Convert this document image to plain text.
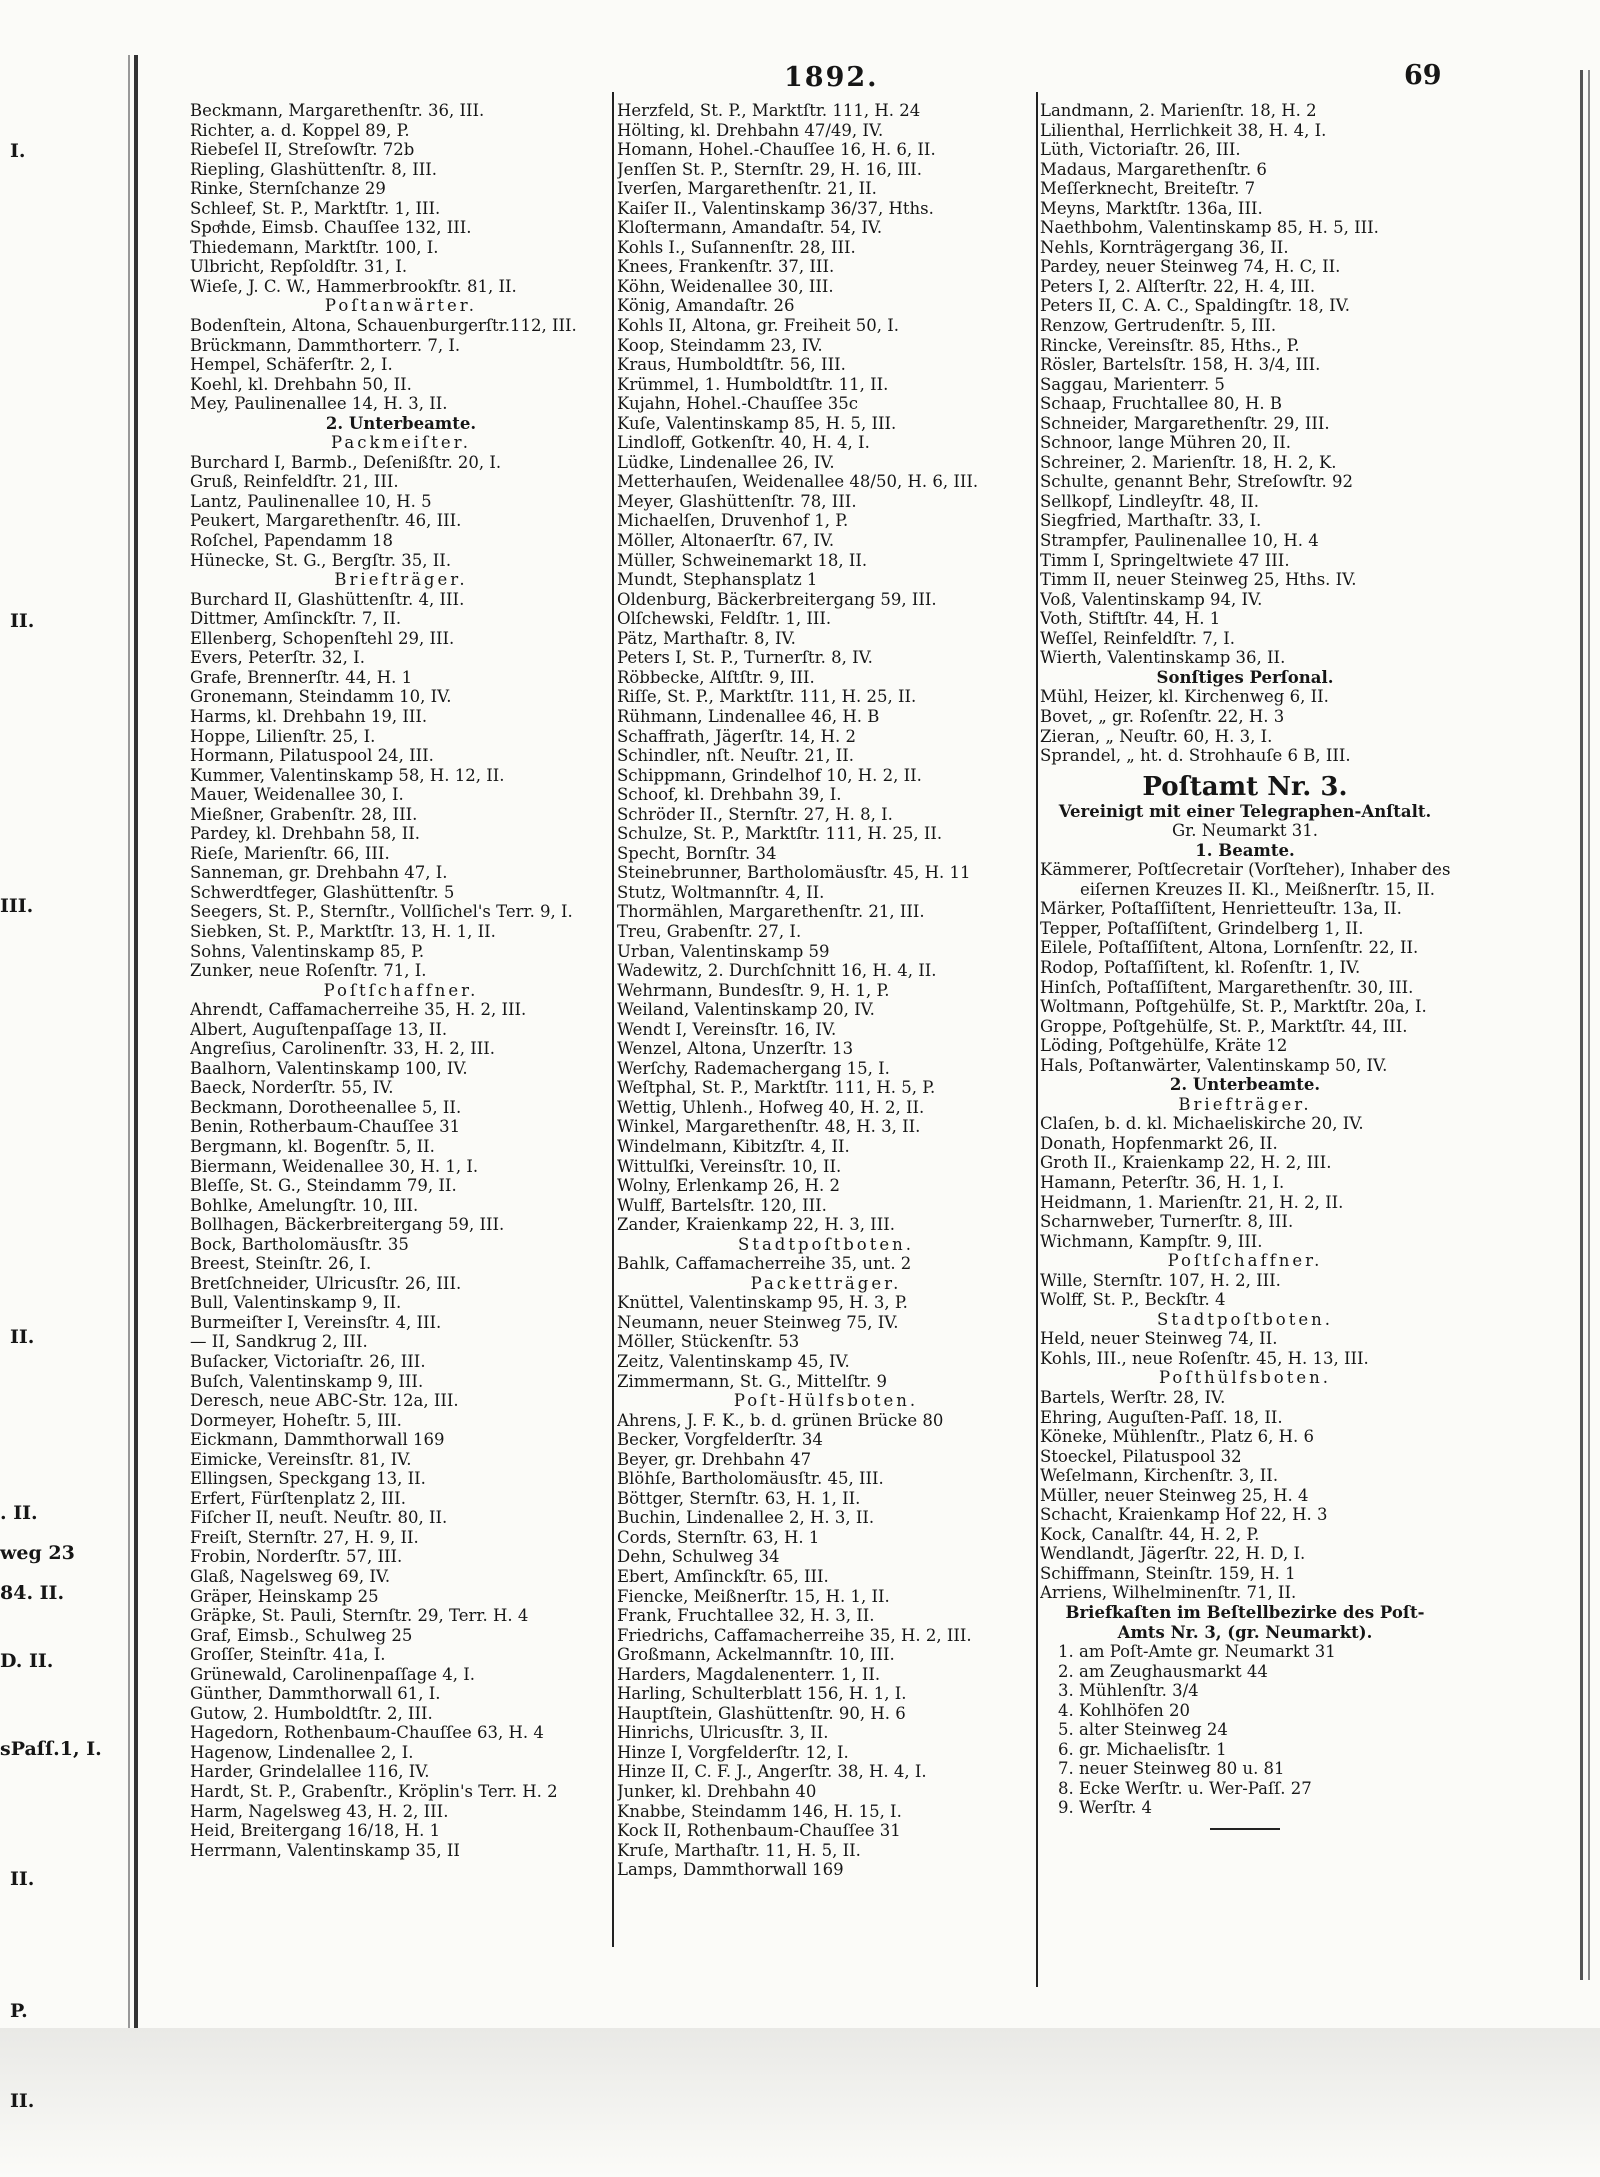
I.
II.
III.
II.
. II.
weg 23
84. II.
D. II.
sPaſſ.1, I.
II.
P.
II.
1892.	69
Beckmann, Margarethenſtr. 36, III.
Richter, a. d. Koppel 89, P.
Riebeſel II, Streſowſtr. 72b
Riepling, Glashüttenſtr. 8, III.
Rinke, Sternſchanze 29
Schleef, St. P., Marktſtr. 1, III.
Spoͤhde, Eimsb. Chauſſee 132, III.
Thiedemann, Marktſtr. 100, I.
Ulbricht, Repſoldſtr. 31, I.
Wieſe, J. C. W., Hammerbrookſtr. 81, II.
Poſtanwärter.
Bodenſtein, Altona, Schauenburgerſtr.112, III.
Brückmann, Dammthorterr. 7, I.
Hempel, Schäferſtr. 2, I.
Koehl, kl. Drehbahn 50, II.
Mey, Paulinenallee 14, H. 3, II.
2. Unterbeamte.
Packmeiſter.
Burchard I, Barmb., Deſenißſtr. 20, I.
Gruß, Reinfeldſtr. 21, III.
Lantz, Paulinenallee 10, H. 5
Peukert, Margarethenſtr. 46, III.
Roſchel, Papendamm 18
Hünecke, St. G., Bergſtr. 35, II.
Briefträger.
Burchard II, Glashüttenſtr. 4, III.
Dittmer, Amſinckſtr. 7, II.
Ellenberg, Schopenſtehl 29, III.
Evers, Peterſtr. 32, I.
Grafe, Brennerſtr. 44, H. 1
Gronemann, Steindamm 10, IV.
Harms, kl. Drehbahn 19, III.
Hoppe, Lilienſtr. 25, I.
Hormann, Pilatuspool 24, III.
Kummer, Valentinskamp 58, H. 12, II.
Mauer, Weidenallee 30, I.
Mießner, Grabenſtr. 28, III.
Pardey, kl. Drehbahn 58, II.
Rieſe, Marienſtr. 66, III.
Sanneman, gr. Drehbahn 47, I.
Schwerdtfeger, Glashüttenſtr. 5
Seegers, St. P., Sternſtr., Vollſichel's Terr. 9, I.
Siebken, St. P., Marktſtr. 13, H. 1, II.
Sohns, Valentinskamp 85, P.
Zunker, neue Roſenſtr. 71, I.
Poſtſchaffner.
Ahrendt, Caffamacherreihe 35, H. 2, III.
Albert, Auguſtenpaſſage 13, II.
Angreſius, Carolinenſtr. 33, H. 2, III.
Baalhorn, Valentinskamp 100, IV.
Baeck, Norderſtr. 55, IV.
Beckmann, Dorotheenallee 5, II.
Benin, Rotherbaum-Chauſſee 31
Bergmann, kl. Bogenſtr. 5, II.
Biermann, Weidenallee 30, H. 1, I.
Bleſſe, St. G., Steindamm 79, II.
Bohlke, Amelungſtr. 10, III.
Bollhagen, Bäckerbreitergang 59, III.
Bock, Bartholomäusſtr. 35
Breest, Steinſtr. 26, I.
Bretſchneider, Ulricusſtr. 26, III.
Bull, Valentinskamp 9, II.
Burmeiſter I, Vereinsſtr. 4, III.
— II, Sandkrug 2, III.
Buſacker, Victoriaſtr. 26, III.
Buſch, Valentinskamp 9, III.
Deresch, neue ABC-Str. 12a, III.
Dormeyer, Hoheſtr. 5, III.
Eickmann, Dammthorwall 169
Eimicke, Vereinsſtr. 81, IV.
Ellingsen, Speckgang 13, II.
Erfert, Fürſtenplatz 2, III.
Fiſcher II, neuſt. Neuſtr. 80, II.
Freiſt, Sternſtr. 27, H. 9, II.
Frobin, Norderſtr. 57, III.
Glaß, Nagelsweg 69, IV.
Gräper, Heinskamp 25
Gräpke, St. Pauli, Sternſtr. 29, Terr. H. 4
Graf, Eimsb., Schulweg 25
Groſſer, Steinſtr. 41a, I.
Grünewald, Carolinenpaſſage 4, I.
Günther, Dammthorwall 61, I.
Gutow, 2. Humboldtſtr. 2, III.
Hagedorn, Rothenbaum-Chauſſee 63, H. 4
Hagenow, Lindenallee 2, I.
Harder, Grindelallee 116, IV.
Hardt, St. P., Grabenſtr., Kröplin's Terr. H. 2
Harm, Nagelsweg 43, H. 2, III.
Heid, Breitergang 16/18, H. 1
Herrmann, Valentinskamp 35, II
Herzfeld, St. P., Marktſtr. 111, H. 24
Hölting, kl. Drehbahn 47/49, IV.
Homann, Hohel.-Chauſſee 16, H. 6, II.
Jenſſen St. P., Sternſtr. 29, H. 16, III.
Iverſen, Margarethenſtr. 21, II.
Kaiſer II., Valentinskamp 36/37, Hths.
Kloſtermann, Amandaſtr. 54, IV.
Kohls I., Suſannenſtr. 28, III.
Knees, Frankenſtr. 37, III.
Köhn, Weidenallee 30, III.
König, Amandaſtr. 26
Kohls II, Altona, gr. Freiheit 50, I.
Koop, Steindamm 23, IV.
Kraus, Humboldtſtr. 56, III.
Krümmel, 1. Humboldtſtr. 11, II.
Kujahn, Hohel.-Chauſſee 35c
Kuſe, Valentinskamp 85, H. 5, III.
Lindloff, Gotkenſtr. 40, H. 4, I.
Lüdke, Lindenallee 26, IV.
Metterhauſen, Weidenallee 48/50, H. 6, III.
Meyer, Glashüttenſtr. 78, III.
Michaelſen, Druvenhof 1, P.
Möller, Altonaerſtr. 67, IV.
Müller, Schweinemarkt 18, II.
Mundt, Stephansplatz 1
Oldenburg, Bäckerbreitergang 59, III.
Olſchewski, Feldſtr. 1, III.
Pätz, Marthaſtr. 8, IV.
Peters I, St. P., Turnerſtr. 8, IV.
Röbbecke, Alſtſtr. 9, III.
Riſſe, St. P., Marktſtr. 111, H. 25, II.
Rühmann, Lindenallee 46, H. B
Schaffrath, Jägerſtr. 14, H. 2
Schindler, nſt. Neuſtr. 21, II.
Schippmann, Grindelhof 10, H. 2, II.
Schoof, kl. Drehbahn 39, I.
Schröder II., Sternſtr. 27, H. 8, I.
Schulze, St. P., Marktſtr. 111, H. 25, II.
Specht, Bornſtr. 34
Steinebrunner, Bartholomäusſtr. 45, H. 11
Stutz, Woltmannſtr. 4, II.
Thormählen, Margarethenſtr. 21, III.
Treu, Grabenſtr. 27, I.
Urban, Valentinskamp 59
Wadewitz, 2. Durchſchnitt 16, H. 4, II.
Wehrmann, Bundesſtr. 9, H. 1, P.
Weiland, Valentinskamp 20, IV.
Wendt I, Vereinsſtr. 16, IV.
Wenzel, Altona, Unzerſtr. 13
Werſchy, Rademachergang 15, I.
Weſtphal, St. P., Marktſtr. 111, H. 5, P.
Wettig, Uhlenh., Hofweg 40, H. 2, II.
Winkel, Margarethenſtr. 48, H. 3, II.
Windelmann, Kibitzſtr. 4, II.
Wittulſki, Vereinsſtr. 10, II.
Wolny, Erlenkamp 26, H. 2
Wulff, Bartelsſtr. 120, III.
Zander, Kraienkamp 22, H. 3, III.
Stadtpoſtboten.
Bahlk, Caffamacherreihe 35, unt. 2
Packetträger.
Knüttel, Valentinskamp 95, H. 3, P.
Neumann, neuer Steinweg 75, IV.
Möller, Stückenſtr. 53
Zeitz, Valentinskamp 45, IV.
Zimmermann, St. G., Mittelſtr. 9
Poſt-Hülfsboten.
Ahrens, J. F. K., b. d. grünen Brücke 80
Becker, Vorgfelderſtr. 34
Beyer, gr. Drehbahn 47
Blöhſe, Bartholomäusſtr. 45, III.
Böttger, Sternſtr. 63, H. 1, II.
Buchin, Lindenallee 2, H. 3, II.
Cords, Sternſtr. 63, H. 1
Dehn, Schulweg 34
Ebert, Amſinckſtr. 65, III.
Fiencke, Meißnerſtr. 15, H. 1, II.
Frank, Fruchtallee 32, H. 3, II.
Friedrichs, Caffamacherreihe 35, H. 2, III.
Großmann, Ackelmannſtr. 10, III.
Harders, Magdalenenterr. 1, II.
Harling, Schulterblatt 156, H. 1, I.
Hauptſtein, Glashüttenſtr. 90, H. 6
Hinrichs, Ulricusſtr. 3, II.
Hinze I, Vorgfelderſtr. 12, I.
Hinze II, C. F. J., Angerſtr. 38, H. 4, I.
Junker, kl. Drehbahn 40
Knabbe, Steindamm 146, H. 15, I.
Kock II, Rothenbaum-Chauſſee 31
Kruſe, Marthaſtr. 11, H. 5, II.
Lamps, Dammthorwall 169
Landmann, 2. Marienſtr. 18, H. 2
Lilienthal, Herrlichkeit 38, H. 4, I.
Lüth, Victoriaſtr. 26, III.
Madaus, Margarethenſtr. 6
Meſſerknecht, Breiteſtr. 7
Meyns, Marktſtr. 136a, III.
Naethbohm, Valentinskamp 85, H. 5, III.
Nehls, Kornträgergang 36, II.
Pardey, neuer Steinweg 74, H. C, II.
Peters I, 2. Alſterſtr. 22, H. 4, III.
Peters II, C. A. C., Spaldingſtr. 18, IV.
Renzow, Gertrudenſtr. 5, III.
Rincke, Vereinsſtr. 85, Hths., P.
Rösler, Bartelsſtr. 158, H. 3/4, III.
Saggau, Marienterr. 5
Schaap, Fruchtallee 80, H. B
Schneider, Margarethenſtr. 29, III.
Schnoor, lange Mühren 20, II.
Schreiner, 2. Marienſtr. 18, H. 2, K.
Schulte, genannt Behr, Streſowſtr. 92
Sellkopf, Lindleyſtr. 48, II.
Siegfried, Marthaſtr. 33, I.
Strampfer, Paulinenallee 10, H. 4
Timm I, Springeltwiete 47 III.
Timm II, neuer Steinweg 25, Hths. IV.
Voß, Valentinskamp 94, IV.
Voth, Stiftſtr. 44, H. 1
Weſſel, Reinfeldſtr. 7, I.
Wierth, Valentinskamp 36, II.
Sonſtiges Perſonal.
Mühl, Heizer, kl. Kirchenweg 6, II.
Bovet, „ gr. Roſenſtr. 22, H. 3
Zieran, „ Neuſtr. 60, H. 3, I.
Sprandel, „ ht. d. Strohhauſe 6 B, III.
Poſtamt Nr. 3.
Vereinigt mit einer Telegraphen-Anſtalt.
Gr. Neumarkt 31.
1. Beamte.
Kämmerer, Poſtſecretair (Vorſteher), Inhaber des
eiſernen Kreuzes II. Kl., Meißnerſtr. 15, II.
Märker, Poſtaſſiſtent, Henrietteuſtr. 13a, II.
Tepper, Poſtaſſiſtent, Grindelberg 1, II.
Eilele, Poſtaſſiſtent, Altona, Lornſenſtr. 22, II.
Rodop, Poſtaſſiſtent, kl. Roſenſtr. 1, IV.
Hinſch, Poſtaſſiſtent, Margarethenſtr. 30, III.
Woltmann, Poſtgehülfe, St. P., Marktſtr. 20a, I.
Groppe, Poſtgehülfe, St. P., Marktſtr. 44, III.
Löding, Poſtgehülfe, Kräte 12
Hals, Poſtanwärter, Valentinskamp 50, IV.
2. Unterbeamte.
Briefträger.
Claſen, b. d. kl. Michaeliskirche 20, IV.
Donath, Hopfenmarkt 26, II.
Groth II., Kraienkamp 22, H. 2, III.
Hamann, Peterſtr. 36, H. 1, I.
Heidmann, 1. Marienſtr. 21, H. 2, II.
Scharnweber, Turnerſtr. 8, III.
Wichmann, Kampſtr. 9, III.
Poſtſchaffner.
Wille, Sternſtr. 107, H. 2, III.
Wolff, St. P., Beckſtr. 4
Stadtpoſtboten.
Held, neuer Steinweg 74, II.
Kohls, III., neue Roſenſtr. 45, H. 13, III.
Poſthülfsboten.
Bartels, Werſtr. 28, IV.
Ehring, Auguſten-Paſſ. 18, II.
Köneke, Mühlenſtr., Platz 6, H. 6
Stoeckel, Pilatuspool 32
Weſelmann, Kirchenſtr. 3, II.
Müller, neuer Steinweg 25, H. 4
Schacht, Kraienkamp Hof 22, H. 3
Kock, Canalſtr. 44, H. 2, P.
Wendlandt, Jägerſtr. 22, H. D, I.
Schiffmann, Steinſtr. 159, H. 1
Arriens, Wilhelminenſtr. 71, II.
Briefkaſten im Beſtellbezirke des Poſt-
Amts Nr. 3, (gr. Neumarkt).
1. am Poſt-Amte gr. Neumarkt 31
2. am Zeughausmarkt 44
3. Mühlenſtr. 3/4
4. Kohlhöfen 20
5. alter Steinweg 24
6. gr. Michaelisſtr. 1
7. neuer Steinweg 80 u. 81
8. Ecke Werſtr. u. Wer-Paſſ. 27
9. Werſtr. 4
